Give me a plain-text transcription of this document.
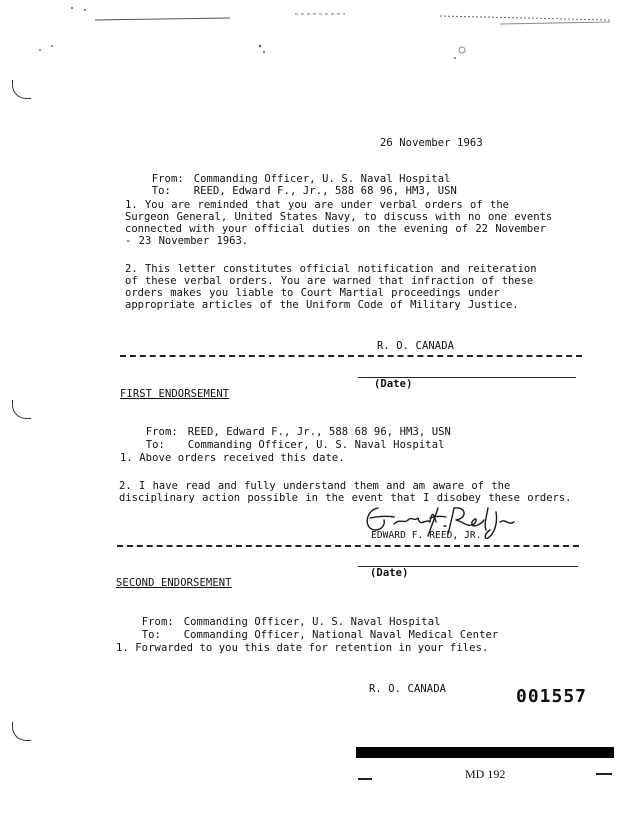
26 November 1963

From: Commanding Officer, U. S. Naval Hospital

To: REED, Edward F., Jr., 588 68 96, HM3, USN

1. You are reminded that you are under verbal orders of the Surgeon General, United States Navy, to discuss with no one events connected with your official duties on the evening of 22 November - 23 November 1963.
2. This letter constitutes official notification and reiteration of these verbal orders. You are warned that infraction of these orders makes you liable to Court Martial proceedings under appropriate articles of the Uniform Code of Military Justice.
R. O. CANADA
(Date)
FIRST ENDORSEMENT

From: REED, Edward F., Jr., 588 68 96, HM3, USN

To: Commanding Officer, U. S. Naval Hospital

1. Above orders received this date.
2. I have read and fully understand them and am aware of the disciplinary action possible in the event that I disobey these orders.
EDWARD F. REED, JR.
(Date)
SECOND ENDORSEMENT

From: Commanding Officer, U. S. Naval Hospital

To: Commanding Officer, National Naval Medical Center

1. Forwarded to you this date for retention in your files.
R. O. CANADA	001557
MD 192
